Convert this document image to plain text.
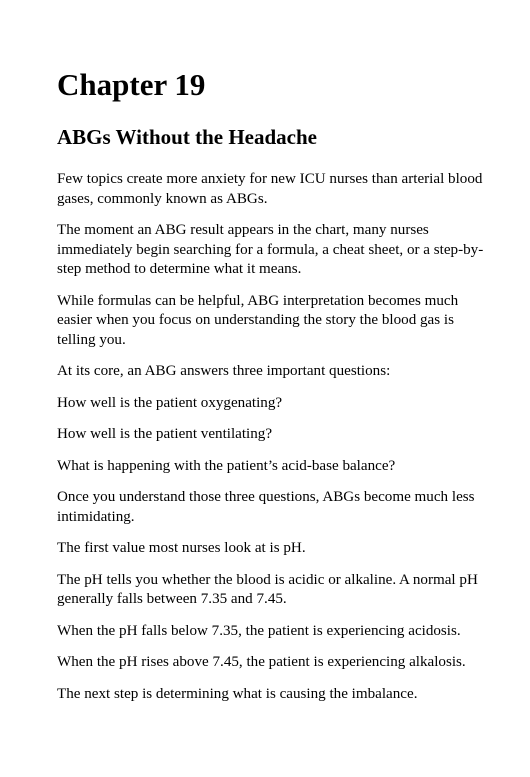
Chapter 19
ABGs Without the Headache

Few topics create more anxiety for new ICU nurses than arterial blood gases, commonly known as ABGs.

The moment an ABG result appears in the chart, many nurses immediately begin searching for a formula, a cheat sheet, or a step-by-step method to determine what it means.

While formulas can be helpful, ABG interpretation becomes much easier when you focus on understanding the story the blood gas is telling you.

At its core, an ABG answers three important questions:

How well is the patient oxygenating?

How well is the patient ventilating?

What is happening with the patient’s acid-base balance?

Once you understand those three questions, ABGs become much less intimidating.

The first value most nurses look at is pH.

The pH tells you whether the blood is acidic or alkaline. A normal pH generally falls between 7.35 and 7.45.

When the pH falls below 7.35, the patient is experiencing acidosis.

When the pH rises above 7.45, the patient is experiencing alkalosis.

The next step is determining what is causing the imbalance.
